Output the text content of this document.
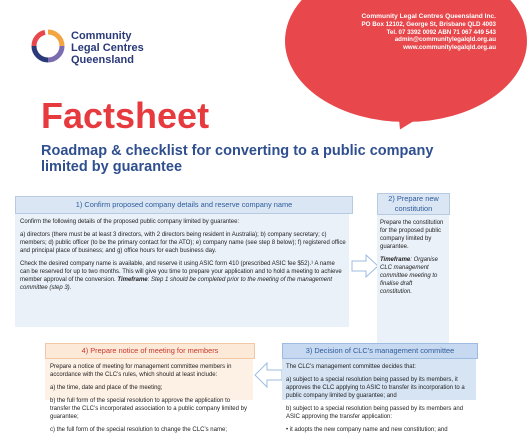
Community Legal Centres Queensland Inc.
PO Box 12102, George St, Brisbane QLD 4003
Tel. 07 3392 0092 ABN 71 067 449 543
admin@communitylegalqld.org.au
www.communitylegalqld.org.au
Community
Legal Centres
Queensland
Factsheet
Roadmap & checklist for converting to a public company limited by guarantee
1) Confirm proposed company details and reserve company name

Confirm the following details of the proposed public company limited by guarantee:

a) directors (there must be at least 3 directors, with 2 directors being resident in Australia); b) company secretary; c) members; d) public officer (to be the primary contact for the ATO); e) company name (see step 8 below); f) registered office and principal place of business; and g) office hours for each business day.

Check the desired company name is available, and reserve it using ASIC form 410 (prescribed ASIC fee $52).¹ A name can be reserved for up to two months. This will give you time to prepare your application and to hold a meeting to achieve member approval of the conversion. Timeframe: Step 1 should be completed prior to the meeting of the management committee (step 3).

2) Prepare new constitution

Prepare the constitution for the proposed public company limited by guarantee.

Timeframe: Organise CLC management committee meeting to finalise draft constitution.

4) Prepare notice of meeting for members

Prepare a notice of meeting for management committee members in accordance with the CLC’s rules, which should at least include:

a) the time, date and place of the meeting;

b) the full form of the special resolution to approve the application to transfer the CLC’s incorporated association to a public company limited by guarantee;

c) the full form of the special resolution to change the CLC’s name;

3) Decision of CLC’s management committee

The CLC’s management committee decides that:

a) subject to a special resolution being passed by its members, it approves the CLC applying to ASIC to transfer its incorporation to a public company limited by guarantee; and

b) subject to a special resolution being passed by its members and ASIC approving the transfer application:

• it adopts the new company name and new constitution; and
